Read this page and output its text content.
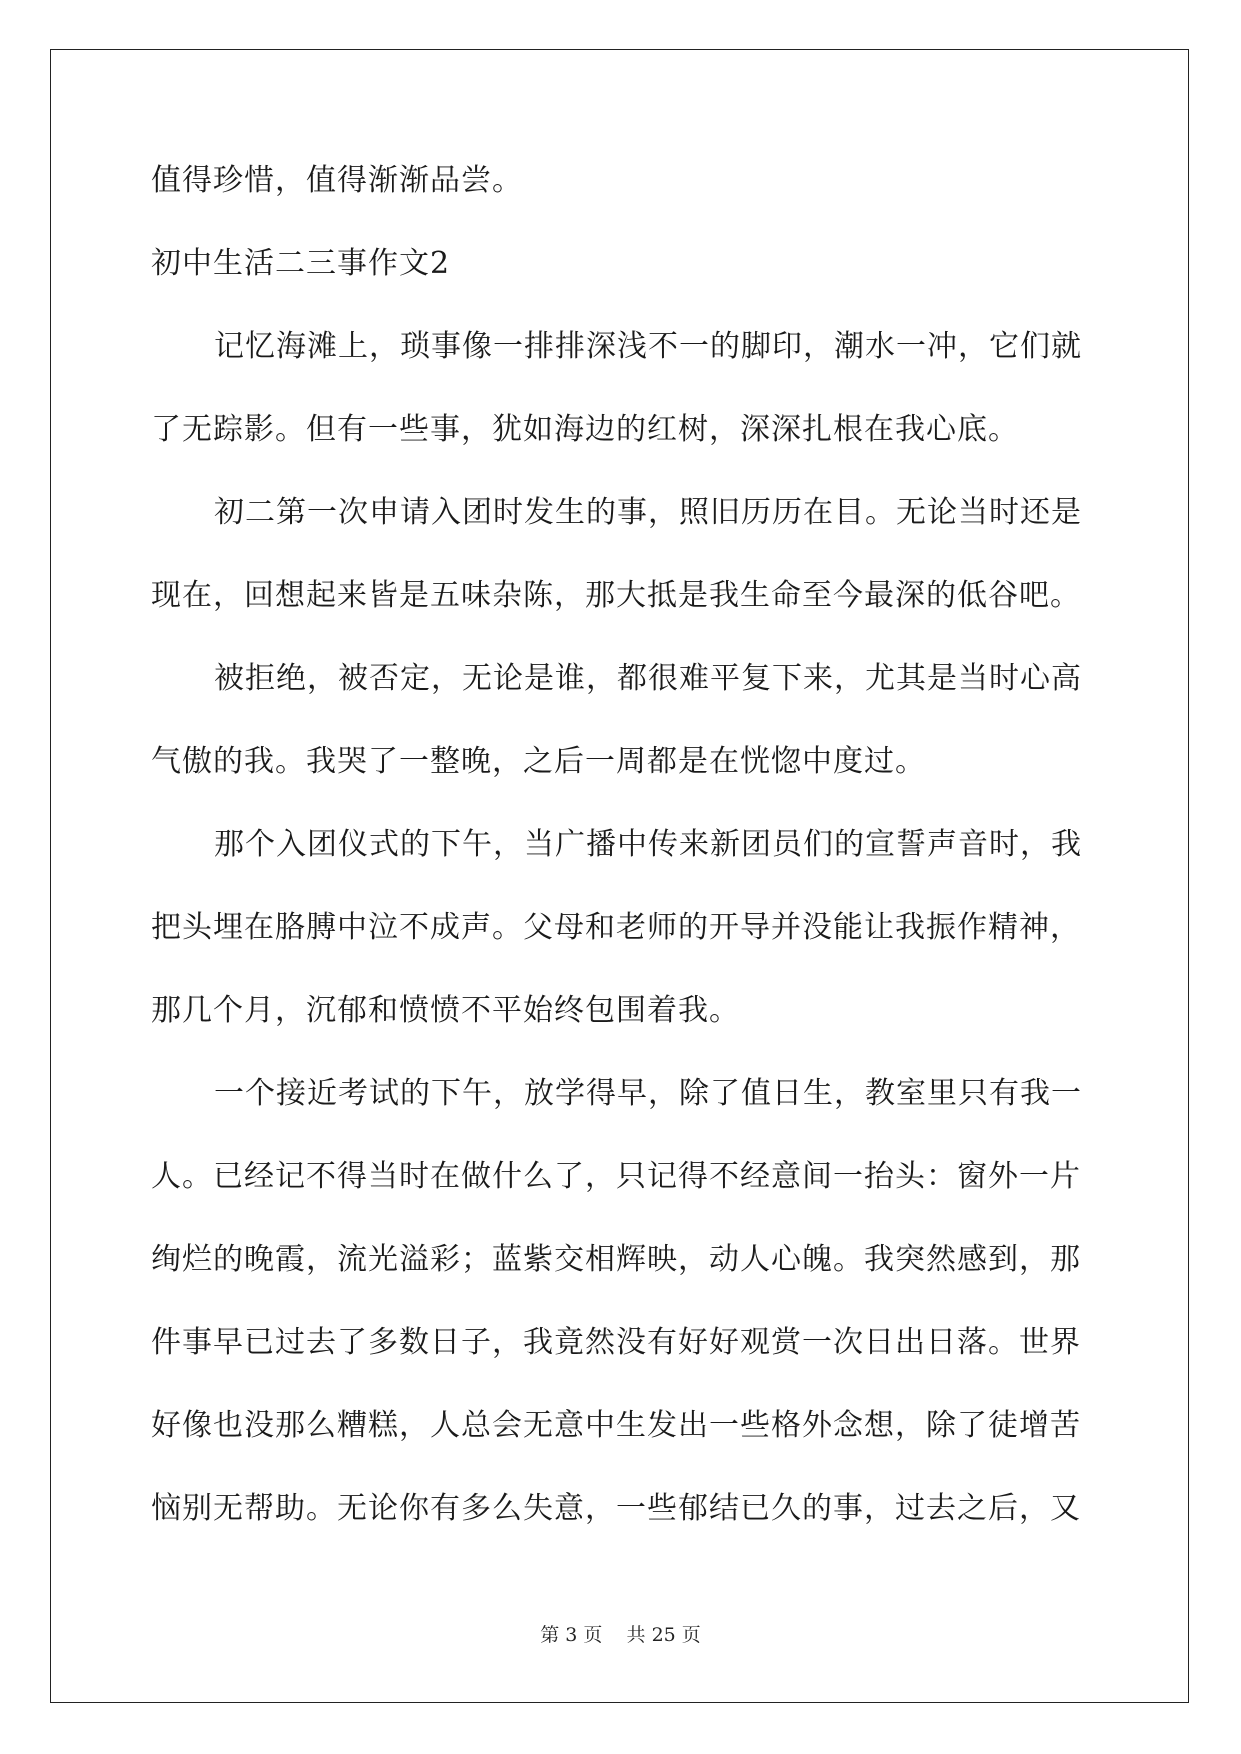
值得珍惜，值得渐渐品尝。

初中生活二三事作文2

记忆海滩上，琐事像一排排深浅不一的脚印，潮水一冲，它们就

了无踪影。但有一些事，犹如海边的红树，深深扎根在我心底。

初二第一次申请入团时发生的事，照旧历历在目。无论当时还是

现在，回想起来皆是五味杂陈，那大抵是我生命至今最深的低谷吧。

被拒绝，被否定，无论是谁，都很难平复下来，尤其是当时心高

气傲的我。我哭了一整晚，之后一周都是在恍惚中度过。

那个入团仪式的下午，当广播中传来新团员们的宣誓声音时，我

把头埋在胳膊中泣不成声。父母和老师的开导并没能让我振作精神，

那几个月，沉郁和愤愤不平始终包围着我。

一个接近考试的下午，放学得早，除了值日生，教室里只有我一

人。已经记不得当时在做什么了，只记得不经意间一抬头：窗外一片

绚烂的晚霞，流光溢彩；蓝紫交相辉映，动人心魄。我突然感到，那

件事早已过去了多数日子，我竟然没有好好观赏一次日出日落。世界

好像也没那么糟糕，人总会无意中生发出一些格外念想，除了徒增苦

恼别无帮助。无论你有多么失意，一些郁结已久的事，过去之后，又

第 3 页    共 25 页
